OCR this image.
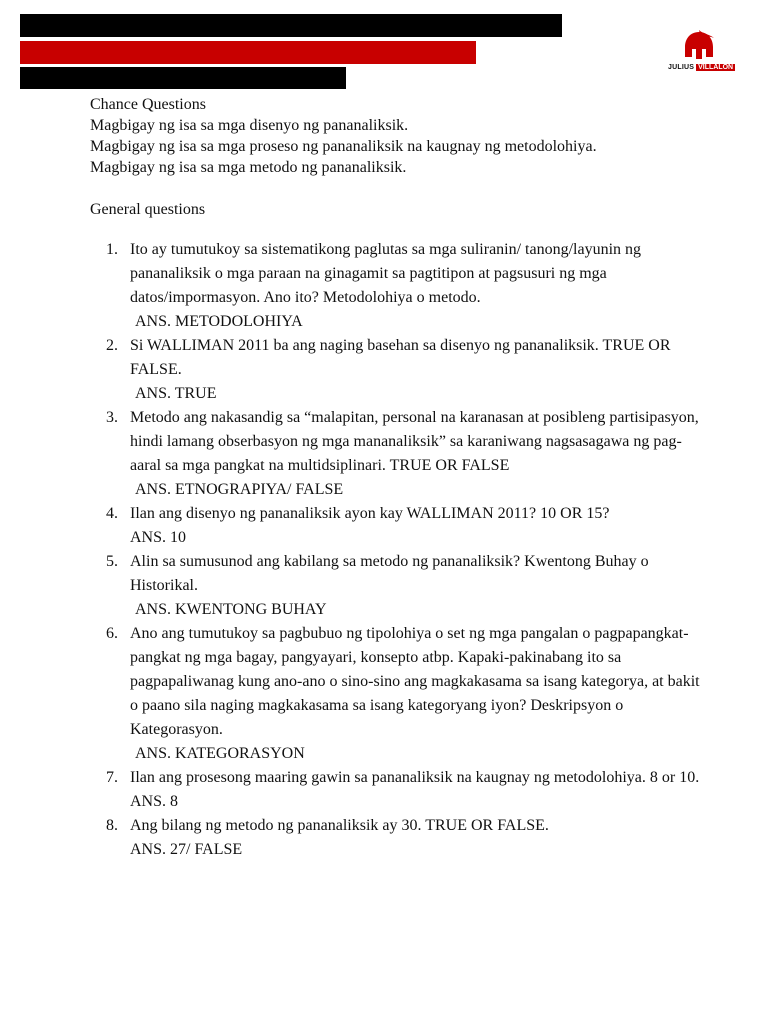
JULIUS VILLALON

Chance Questions

Magbigay ng isa sa mga disenyo ng pananaliksik.

Magbigay ng isa sa mga proseso ng pananaliksik na kaugnay ng metodolohiya.

Magbigay ng isa sa mga metodo ng pananaliksik.

General questions

1. Ito ay tumutukoy sa sistematikong paglutas sa mga suliranin/ tanong/layunin ng pananaliksik o mga paraan na ginagamit sa pagtitipon at pagsusuri ng mga datos/impormasyon. Ano ito? Metodolohiya o metodo.
ANS. METODOLOHIYA
2. Si WALLIMAN 2011 ba ang naging basehan sa disenyo ng pananaliksik. TRUE OR FALSE.
ANS. TRUE
3. Metodo ang nakasandig sa “malapitan, personal na karanasan at posibleng partisipasyon, hindi lamang obserbasyon ng mga mananaliksik” sa karaniwang nagsasagawa ng pag-aaral sa mga pangkat na multidsiplinari. TRUE OR FALSE
ANS. ETNOGRAPIYA/ FALSE
4. Ilan ang disenyo ng pananaliksik ayon kay WALLIMAN 2011? 10 OR 15?
ANS. 10
5. Alin sa sumusunod ang kabilang sa metodo ng pananaliksik? Kwentong Buhay o Historikal.
ANS. KWENTONG BUHAY
6. Ano ang tumutukoy sa pagbubuo ng tipolohiya o set ng mga pangalan o pagpapangkat-pangkat ng mga bagay, pangyayari, konsepto atbp. Kapaki-pakinabang ito sa pagpapaliwanag kung ano-ano o sino-sino ang magkakasama sa isang kategorya, at bakit o paano sila naging magkakasama sa isang kategoryang iyon? Deskripsyon o Kategorasyon.
ANS. KATEGORASYON
7. Ilan ang prosesong maaring gawin sa pananaliksik na kaugnay ng metodolohiya. 8 or 10.
ANS. 8
8. Ang bilang ng metodo ng pananaliksik ay 30. TRUE OR FALSE.
ANS. 27/ FALSE
